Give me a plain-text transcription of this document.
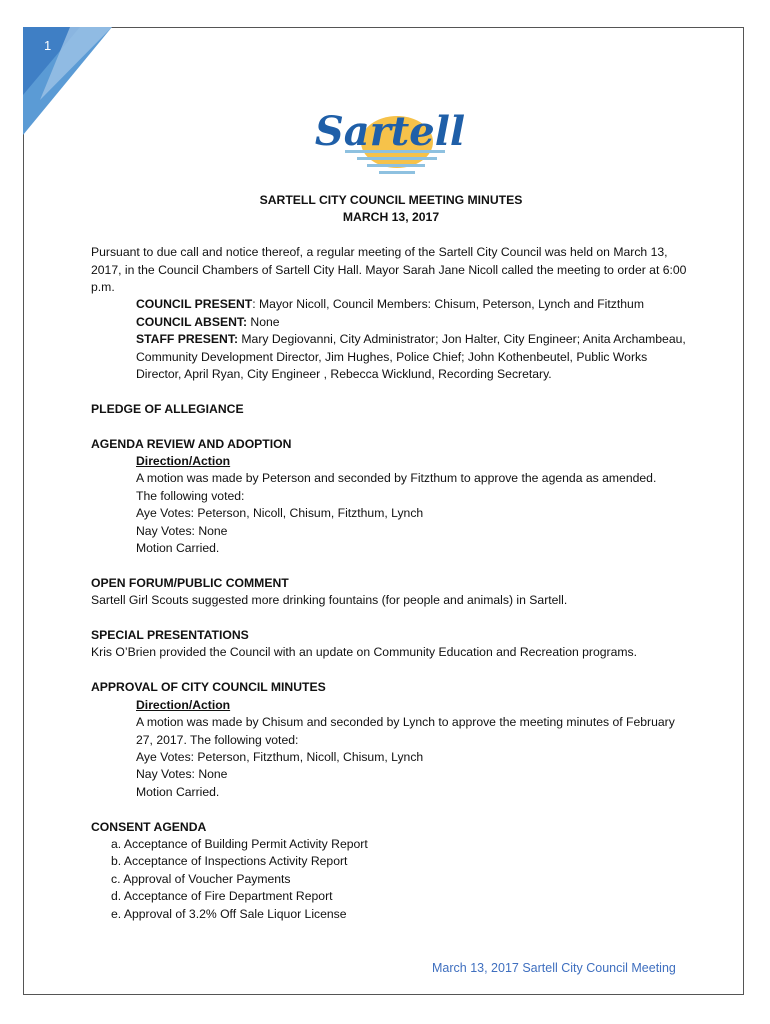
1
Sartell
SARTELL CITY COUNCIL MEETING MINUTES
MARCH 13, 2017
Pursuant to due call and notice thereof, a regular meeting of the Sartell City Council was held on March 13, 2017, in the Council Chambers of Sartell City Hall. Mayor Sarah Jane Nicoll called the meeting to order at 6:00 p.m.
COUNCIL PRESENT: Mayor Nicoll, Council Members: Chisum, Peterson, Lynch and Fitzthum
COUNCIL ABSENT: None
STAFF PRESENT: Mary Degiovanni, City Administrator; Jon Halter, City Engineer; Anita Archambeau, Community Development Director, Jim Hughes, Police Chief; John Kothenbeutel, Public Works Director, April Ryan, City Engineer , Rebecca Wicklund, Recording Secretary.
PLEDGE OF ALLEGIANCE
AGENDA REVIEW AND ADOPTION
Direction/Action
A motion was made by Peterson and seconded by Fitzthum to approve the agenda as amended.
The following voted:
Aye Votes: Peterson, Nicoll, Chisum, Fitzthum, Lynch
Nay Votes: None
Motion Carried.
OPEN FORUM/PUBLIC COMMENT
Sartell Girl Scouts suggested more drinking fountains (for people and animals) in Sartell.
SPECIAL PRESENTATIONS
Kris O’Brien provided the Council with an update on Community Education and Recreation programs.
APPROVAL OF CITY COUNCIL MINUTES
Direction/Action
A motion was made by Chisum and seconded by Lynch to approve the meeting minutes of February 27, 2017. The following voted:
Aye Votes: Peterson, Fitzthum, Nicoll, Chisum, Lynch
Nay Votes: None
Motion Carried.
CONSENT AGENDA
a. Acceptance of Building Permit Activity Report
b. Acceptance of Inspections Activity Report
c. Approval of Voucher Payments
d. Acceptance of Fire Department Report
e. Approval of 3.2% Off Sale Liquor License
March 13, 2017 Sartell City Council Meeting
